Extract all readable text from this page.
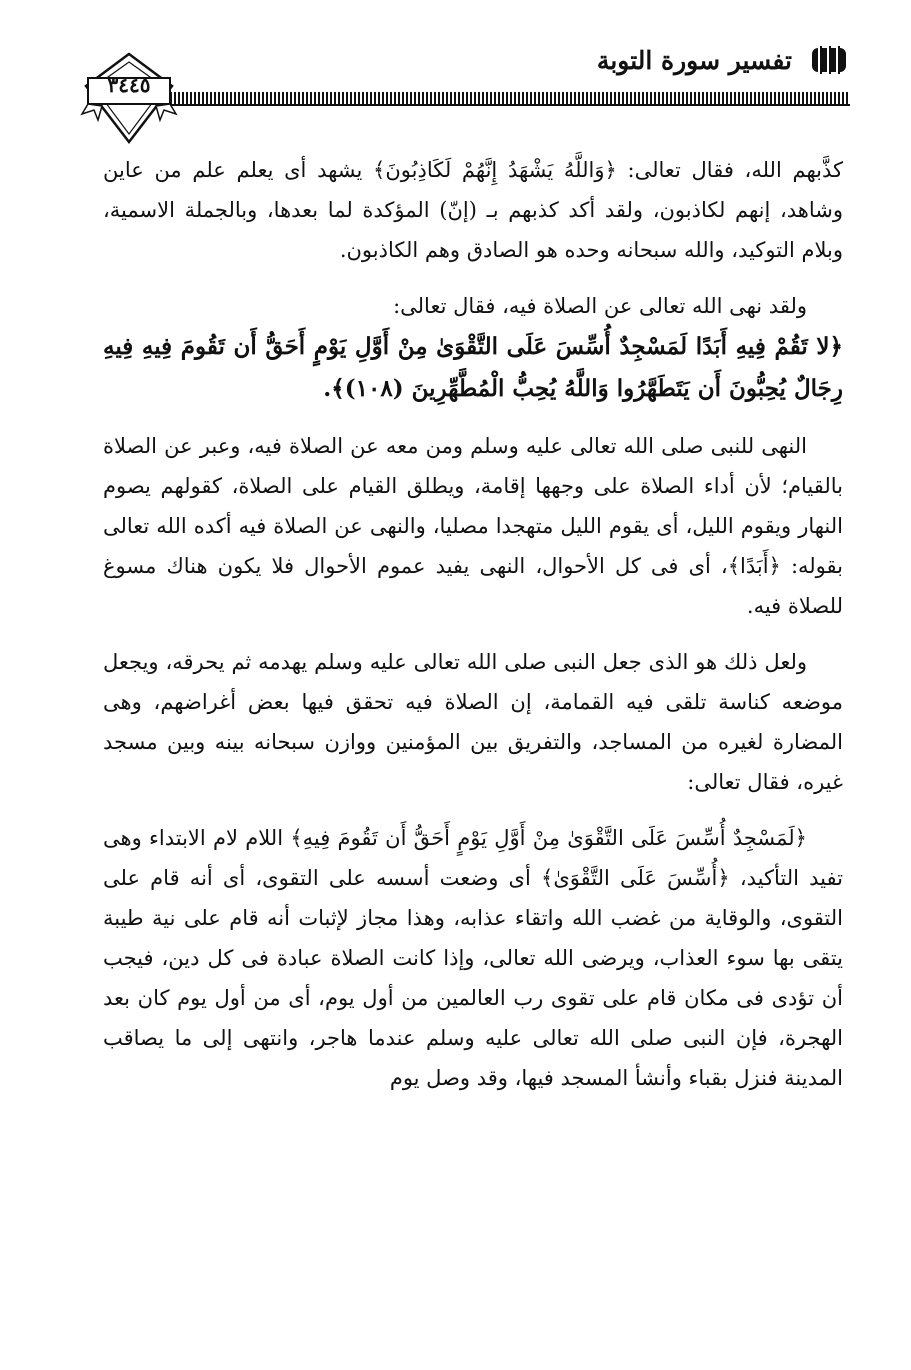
تفسير سورة التوبة
٣٤٤٥

كذَّبهم الله، فقال تعالى: ﴿وَاللَّهُ يَشْهَدُ إِنَّهُمْ لَكَاذِبُونَ﴾ يشهد أى يعلم علم من عاين وشاهد، إنهم لكاذبون، ولقد أكد كذبهم بـ (إنّ) المؤكدة لما بعدها، وبالجملة الاسمية، وبلام التوكيد، والله سبحانه وحده هو الصادق وهم الكاذبون.

ولقد نهى الله تعالى عن الصلاة فيه، فقال تعالى:

﴿لا تَقُمْ فِيهِ أَبَدًا لَمَسْجِدٌ أُسِّسَ عَلَى التَّقْوَىٰ مِنْ أَوَّلِ يَوْمٍ أَحَقُّ أَن تَقُومَ فِيهِ فِيهِ رِجَالٌ يُحِبُّونَ أَن يَتَطَهَّرُوا وَاللَّهُ يُحِبُّ الْمُطَّهِّرِينَ (١٠٨)﴾.

النهى للنبى صلى الله تعالى عليه وسلم ومن معه عن الصلاة فيه، وعبر عن الصلاة بالقيام؛ لأن أداء الصلاة على وجهها إقامة، ويطلق القيام على الصلاة، كقولهم يصوم النهار ويقوم الليل، أى يقوم الليل متهجدا مصليا، والنهى عن الصلاة فيه أكده الله تعالى بقوله: ﴿أَبَدًا﴾، أى فى كل الأحوال، النهى يفيد عموم الأحوال فلا يكون هناك مسوغ للصلاة فيه.

ولعل ذلك هو الذى جعل النبى صلى الله تعالى عليه وسلم يهدمه ثم يحرقه، ويجعل موضعه كناسة تلقى فيه القمامة، إن الصلاة فيه تحقق فيها بعض أغراضهم، وهى المضارة لغيره من المساجد، والتفريق بين المؤمنين ووازن سبحانه بينه وبين مسجد غيره، فقال تعالى:

﴿لَمَسْجِدٌ أُسِّسَ عَلَى التَّقْوَىٰ مِنْ أَوَّلِ يَوْمٍ أَحَقُّ أَن تَقُومَ فِيهِ﴾ اللام لام الابتداء وهى تفيد التأكيد، ﴿أُسِّسَ عَلَى التَّقْوَىٰ﴾ أى وضعت أسسه على التقوى، أى أنه قام على التقوى، والوقاية من غضب الله واتقاء عذابه، وهذا مجاز لإثبات أنه قام على نية طيبة يتقى بها سوء العذاب، ويرضى الله تعالى، وإذا كانت الصلاة عبادة فى كل دين، فيجب أن تؤدى فى مكان قام على تقوى رب العالمين من أول يوم، أى من أول يوم كان بعد الهجرة، فإن النبى صلى الله تعالى عليه وسلم عندما هاجر، وانتهى إلى ما يصاقب المدينة فنزل بقباء وأنشأ المسجد فيها، وقد وصل يوم
